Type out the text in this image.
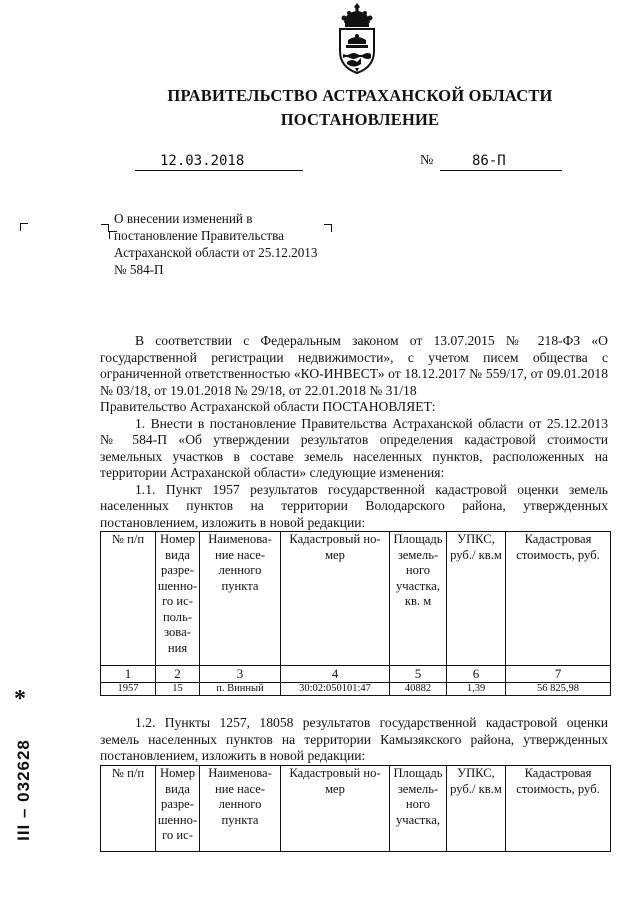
ПРАВИТЕЛЬСТВО АСТРАХАНСКОЙ ОБЛАСТИ
ПОСТАНОВЛЕНИЕ
12.03.2018	№	86-П
О внесении изменений в постановление Правительства Астраханской области от 25.12.2013 № 584-П

В соответствии с Федеральным законом от 13.07.2015 № 218-ФЗ «О государственной регистрации недвижимости», с учетом писем общества с ограниченной ответственностью «КО-ИНВЕСТ» от 18.12.2017 № 559/17, от 09.01.2018 № 03/18, от 19.01.2018 № 29/18, от 22.01.2018 № 31/18

Правительство Астраханской области ПОСТАНОВЛЯЕТ:

1. Внести в постановление Правительства Астраханской области от 25.12.2013 № 584-П «Об утверждении результатов определения кадастровой стоимости земельных участков в составе земель населенных пунктов, расположенных на территории Астраханской области» следующие изменения:

1.1. Пункт 1957 результатов государственной кадастровой оценки земель населенных пунктов на территории Володарского района, утвержденных постановлением, изложить в новой редакции:

№ п/п	Номер вида разрешенного использования	Наименование населенного пункта	Кадастровый номер	Площадь земельного участка, кв. м	УПКС, руб./ кв.м	Кадастровая стоимость, руб.
1	2	3	4	5	6	7
1957	15	п. Винный	30:02:050101:47	40882	1,39	56 825,98

1.2. Пункты 1257, 18058 результатов государственной кадастровой оценки земель населенных пунктов на территории Камызякского района, утвержденных постановлением, изложить в новой редакции:

№ п/п	Номер вида разрешенного ис-	Наименование населенного пункта	Кадастровый номер	Площадь земельного участка,	УПКС, руб./ кв.м	Кадастровая стоимость, руб.
*
III – 032628
